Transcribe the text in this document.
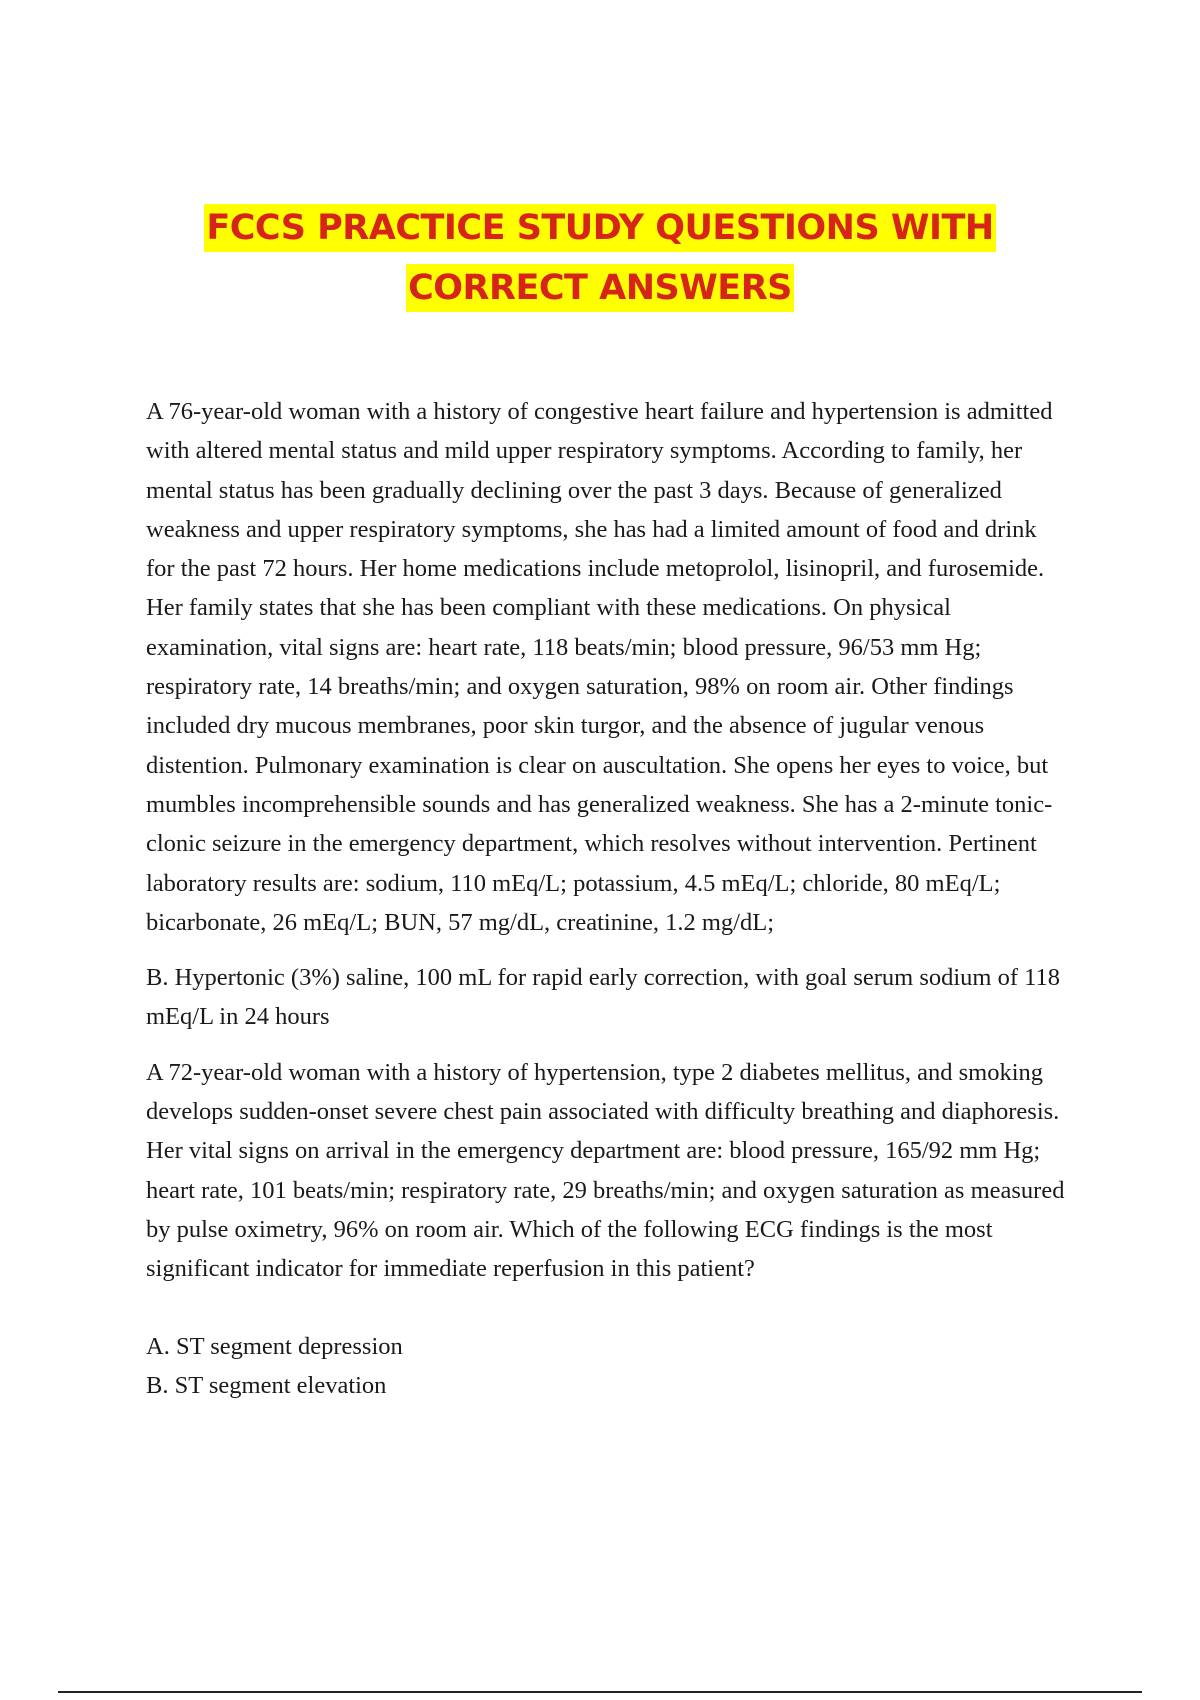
FCCS PRACTICE STUDY QUESTIONS WITH
CORRECT ANSWERS

A 76-year-old woman with a history of congestive heart failure and hypertension is admitted with altered mental status and mild upper respiratory symptoms. According to family, her mental status has been gradually declining over the past 3 days. Because of generalized weakness and upper respiratory symptoms, she has had a limited amount of food and drink for the past 72 hours. Her home medications include metoprolol, lisinopril, and furosemide. Her family states that she has been compliant with these medications. On physical examination, vital signs are: heart rate, 118 beats/min; blood pressure, 96/53 mm Hg; respiratory rate, 14 breaths/min; and oxygen saturation, 98% on room air. Other findings included dry mucous membranes, poor skin turgor, and the absence of jugular venous distention. Pulmonary examination is clear on auscultation. She opens her eyes to voice, but mumbles incomprehensible sounds and has generalized weakness. She has a 2-minute tonic-clonic seizure in the emergency department, which resolves without intervention. Pertinent laboratory results are: sodium, 110 mEq/L; potassium, 4.5 mEq/L; chloride, 80 mEq/L; bicarbonate, 26 mEq/L; BUN, 57 mg/dL, creatinine, 1.2 mg/dL;

B. Hypertonic (3%) saline, 100 mL for rapid early correction, with goal serum sodium of 118 mEq/L in 24 hours

A 72-year-old woman with a history of hypertension, type 2 diabetes mellitus, and smoking develops sudden-onset severe chest pain associated with difficulty breathing and diaphoresis. Her vital signs on arrival in the emergency department are: blood pressure, 165/92 mm Hg; heart rate, 101 beats/min; respiratory rate, 29 breaths/min; and oxygen saturation as measured by pulse oximetry, 96% on room air. Which of the following ECG findings is the most significant indicator for immediate reperfusion in this patient?

A. ST segment depression

B. ST segment elevation
